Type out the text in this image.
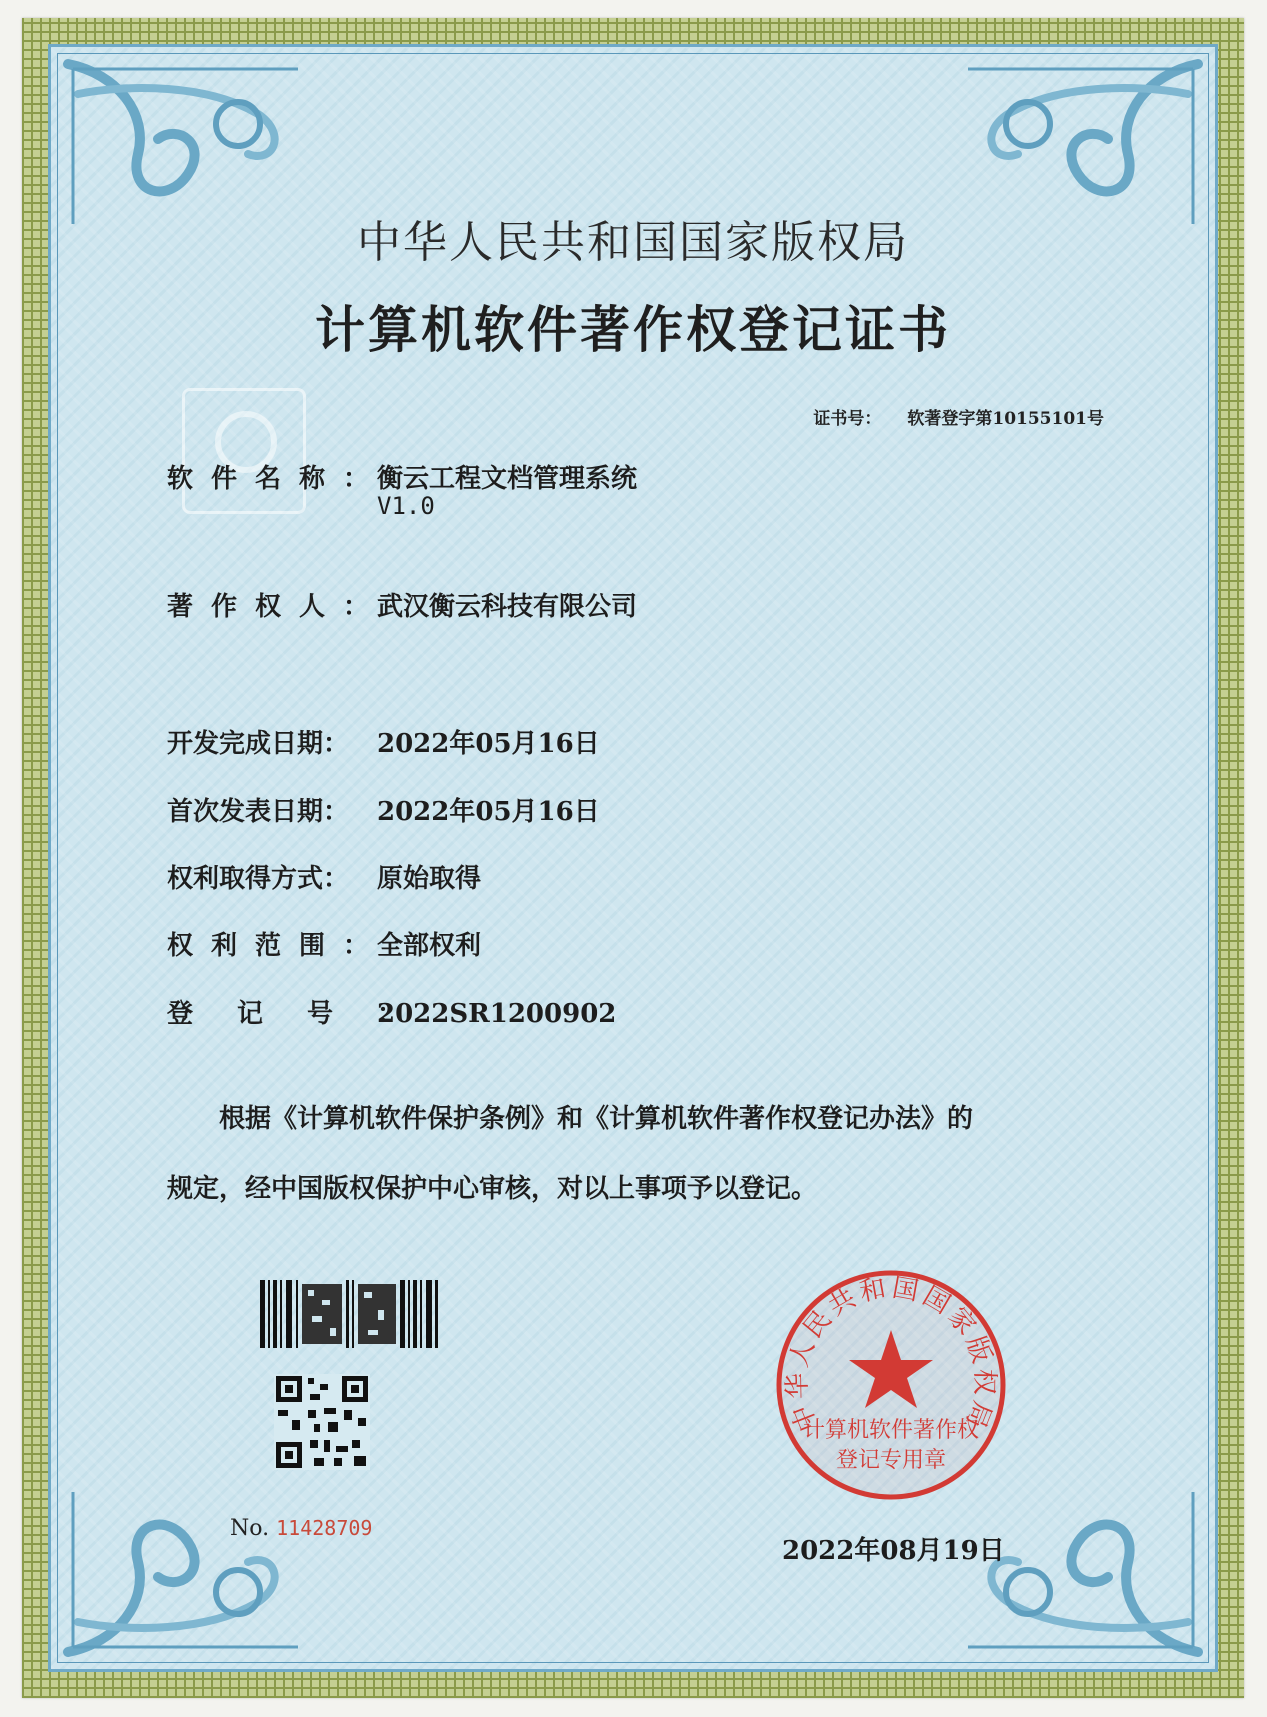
中华人民共和国国家版权局
计算机软件著作权登记证书
证书号： 软著登字第10155101号
软件名称：衡云工程文档管理系统
V1.0
著作权人：武汉衡云科技有限公司
开发完成日期： 2022年05月16日
首次发表日期： 2022年05月16日
权利取得方式： 原始取得
权利范围：全部权利
登记号：2022SR1200902
根据《计算机软件保护条例》和《计算机软件著作权登记办法》的
规定，经中国版权保护中心审核，对以上事项予以登记。
No. 11428709
中华人民共和国国家版权局
计算机软件著作权
登记专用章
2022年08月19日
